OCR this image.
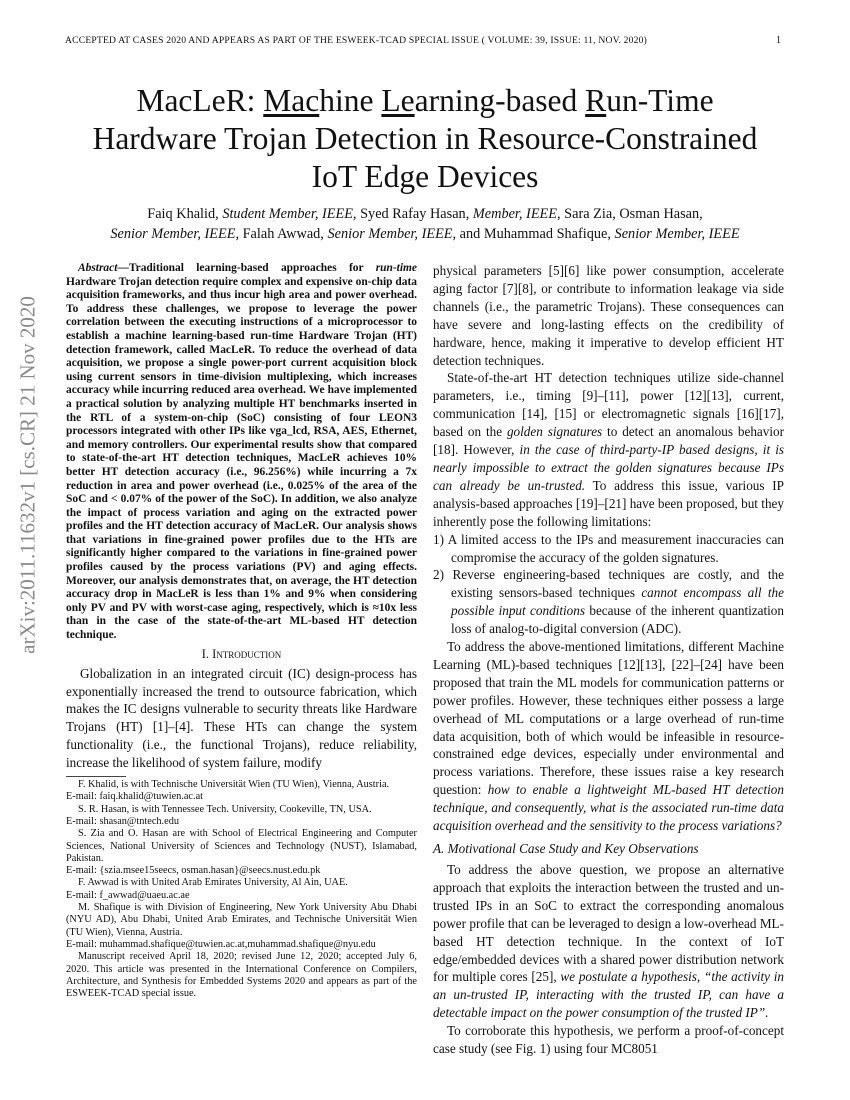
ACCEPTED AT CASES 2020 AND APPEARS AS PART OF THE ESWEEK-TCAD SPECIAL ISSUE ( VOLUME: 39, ISSUE: 11, NOV. 2020)	1
arXiv:2011.11632v1 [cs.CR] 21 Nov 2020
MacLeR: Machine Learning-based Run-Time
Hardware Trojan Detection in Resource-Constrained
IoT Edge Devices
Faiq Khalid, Student Member, IEEE, Syed Rafay Hasan, Member, IEEE, Sara Zia, Osman Hasan,
Senior Member, IEEE, Falah Awwad, Senior Member, IEEE, and Muhammad Shafique, Senior Member, IEEE

Abstract—Traditional learning-based approaches for run-time Hardware Trojan detection require complex and expensive on-chip data acquisition frameworks, and thus incur high area and power overhead. To address these challenges, we propose to leverage the power correlation between the executing instructions of a microprocessor to establish a machine learning-based run-time Hardware Trojan (HT) detection framework, called MacLeR. To reduce the overhead of data acquisition, we propose a single power-port current acquisition block using current sensors in time-division multiplexing, which increases accuracy while incurring reduced area overhead. We have implemented a practical solution by analyzing multiple HT benchmarks inserted in the RTL of a system-on-chip (SoC) consisting of four LEON3 processors integrated with other IPs like vga_lcd, RSA, AES, Ethernet, and memory controllers. Our experimental results show that compared to state-of-the-art HT detection techniques, MacLeR achieves 10% better HT detection accuracy (i.e., 96.256%) while incurring a 7x reduction in area and power overhead (i.e., 0.025% of the area of the SoC and < 0.07% of the power of the SoC). In addition, we also analyze the impact of process variation and aging on the extracted power profiles and the HT detection accuracy of MacLeR. Our analysis shows that variations in fine-grained power profiles due to the HTs are significantly higher compared to the variations in fine-grained power profiles caused by the process variations (PV) and aging effects. Moreover, our analysis demonstrates that, on average, the HT detection accuracy drop in MacLeR is less than 1% and 9% when considering only PV and PV with worst-case aging, respectively, which is ≈10x less than in the case of the state-of-the-art ML-based HT detection technique.

I. Introduction

Globalization in an integrated circuit (IC) design-process has exponentially increased the trend to outsource fabrication, which makes the IC designs vulnerable to security threats like Hardware Trojans (HT) [1]–[4]. These HTs can change the system functionality (i.e., the functional Trojans), reduce reliability, increase the likelihood of system failure, modify

F. Khalid, is with Technische Universität Wien (TU Wien), Vienna, Austria.

E-mail: faiq.khalid@tuwien.ac.at

S. R. Hasan, is with Tennessee Tech. University, Cookeville, TN, USA.

E-mail: shasan@tntech.edu

S. Zia and O. Hasan are with School of Electrical Engineering and Computer Sciences, National University of Sciences and Technology (NUST), Islamabad, Pakistan.

E-mail: {szia.msee15seecs, osman.hasan}@seecs.nust.edu.pk

F. Awwad is with United Arab Emirates University, Al Ain, UAE.

E-mail: f_awwad@uaeu.ac.ae

M. Shafique is with Division of Engineering, New York University Abu Dhabi (NYU AD), Abu Dhabi, United Arab Emirates, and Technische Universität Wien (TU Wien), Vienna, Austria.

E-mail: muhammad.shafique@tuwien.ac.at,muhammad.shafique@nyu.edu

Manuscript received April 18, 2020; revised June 12, 2020; accepted July 6, 2020. This article was presented in the International Conference on Compilers, Architecture, and Synthesis for Embedded Systems 2020 and appears as part of the ESWEEK-TCAD special issue.

physical parameters [5][6] like power consumption, accelerate aging factor [7][8], or contribute to information leakage via side channels (i.e., the parametric Trojans). These consequences can have severe and long-lasting effects on the credibility of hardware, hence, making it imperative to develop efficient HT detection techniques.

State-of-the-art HT detection techniques utilize side-channel parameters, i.e., timing [9]–[11], power [12][13], current, communication [14], [15] or electromagnetic signals [16][17], based on the golden signatures to detect an anomalous behavior [18]. However, in the case of third-party-IP based designs, it is nearly impossible to extract the golden signatures because IPs can already be un-trusted. To address this issue, various IP analysis-based approaches [19]–[21] have been proposed, but they inherently pose the following limitations:

1) A limited access to the IPs and measurement inaccuracies can compromise the accuracy of the golden signatures.

2) Reverse engineering-based techniques are costly, and the existing sensors-based techniques cannot encompass all the possible input conditions because of the inherent quantization loss of analog-to-digital conversion (ADC).

To address the above-mentioned limitations, different Machine Learning (ML)-based techniques [12][13], [22]–[24] have been proposed that train the ML models for communication patterns or power profiles. However, these techniques either possess a large overhead of ML computations or a large overhead of run-time data acquisition, both of which would be infeasible in resource-constrained edge devices, especially under environmental and process variations. Therefore, these issues raise a key research question: how to enable a lightweight ML-based HT detection technique, and consequently, what is the associated run-time data acquisition overhead and the sensitivity to the process variations?

A. Motivational Case Study and Key Observations

To address the above question, we propose an alternative approach that exploits the interaction between the trusted and un-trusted IPs in an SoC to extract the corresponding anomalous power profile that can be leveraged to design a low-overhead ML-based HT detection technique. In the context of IoT edge/embedded devices with a shared power distribution network for multiple cores [25], we postulate a hypothesis, “the activity in an un-trusted IP, interacting with the trusted IP, can have a detectable impact on the power consumption of the trusted IP”.

To corroborate this hypothesis, we perform a proof-of-concept case study (see Fig. 1) using four MC8051
